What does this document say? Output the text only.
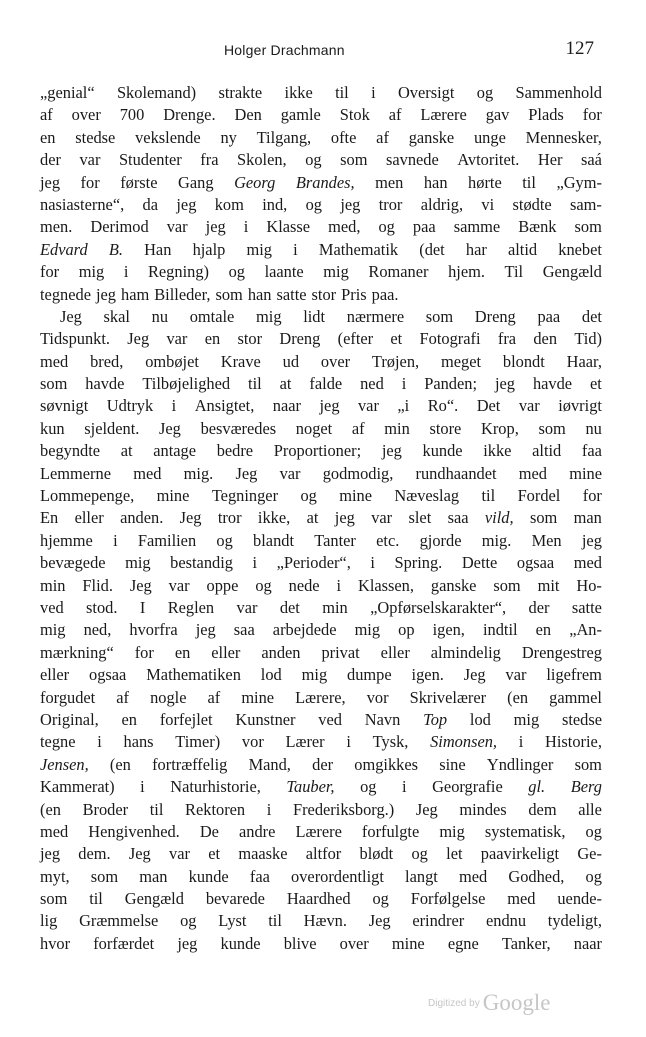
Holger Drachmann	127
„genial“ Skolemand) strakte ikke til i Oversigt og Sammenhold
af over 700 Drenge. Den gamle Stok af Lærere gav Plads for
en stedse vekslende ny Tilgang, ofte af ganske unge Mennesker,
der var Studenter fra Skolen, og som savnede Avtoritet. Her saá
jeg for første Gang Georg Brandes, men han hørte til „Gym-
nasiasterne“, da jeg kom ind, og jeg tror aldrig, vi stødte sam-
men. Derimod var jeg i Klasse med, og paa samme Bænk som
Edvard B. Han hjalp mig i Mathematik (det har altid knebet
for mig i Regning) og laante mig Romaner hjem. Til Gengæld
tegnede jeg ham Billeder, som han satte stor Pris paa.
Jeg skal nu omtale mig lidt nærmere som Dreng paa det
Tidspunkt. Jeg var en stor Dreng (efter et Fotografi fra den Tid)
med bred, ombøjet Krave ud over Trøjen, meget blondt Haar,
som havde Tilbøjelighed til at falde ned i Panden; jeg havde et
søvnigt Udtryk i Ansigtet, naar jeg var „i Ro“. Det var iøvrigt
kun sjeldent. Jeg besværedes noget af min store Krop, som nu
begyndte at antage bedre Proportioner; jeg kunde ikke altid faa
Lemmerne med mig. Jeg var godmodig, rundhaandet med mine
Lommepenge, mine Tegninger og mine Næveslag til Fordel for
En eller anden. Jeg tror ikke, at jeg var slet saa vild, som man
hjemme i Familien og blandt Tanter etc. gjorde mig. Men jeg
bevægede mig bestandig i „Perioder“, i Spring. Dette ogsaa med
min Flid. Jeg var oppe og nede i Klassen, ganske som mit Ho-
ved stod. I Reglen var det min „Opførselskarakter“, der satte
mig ned, hvorfra jeg saa arbejdede mig op igen, indtil en „An-
mærkning“ for en eller anden privat eller almindelig Drengestreg
eller ogsaa Mathematiken lod mig dumpe igen. Jeg var ligefrem
forgudet af nogle af mine Lærere, vor Skrivelærer (en gammel
Original, en forfejlet Kunstner ved Navn Top lod mig stedse
tegne i hans Timer) vor Lærer i Tysk, Simonsen, i Historie,
Jensen, (en fortræffelig Mand, der omgikkes sine Yndlinger som
Kammerat) i Naturhistorie, Tauber, og i Georgrafie gl. Berg
(en Broder til Rektoren i Frederiksborg.) Jeg mindes dem alle
med Hengivenhed. De andre Lærere forfulgte mig systematisk, og
jeg dem. Jeg var et maaske altfor blødt og let paavirkeligt Ge-
myt, som man kunde faa overordentligt langt med Godhed, og
som til Gengæld bevarede Haardhed og Forfølgelse med uende-
lig Græmmelse og Lyst til Hævn. Jeg erindrer endnu tydeligt,
hvor forfærdet jeg kunde blive over mine egne Tanker, naar
$^{Digitized by}$ Google
